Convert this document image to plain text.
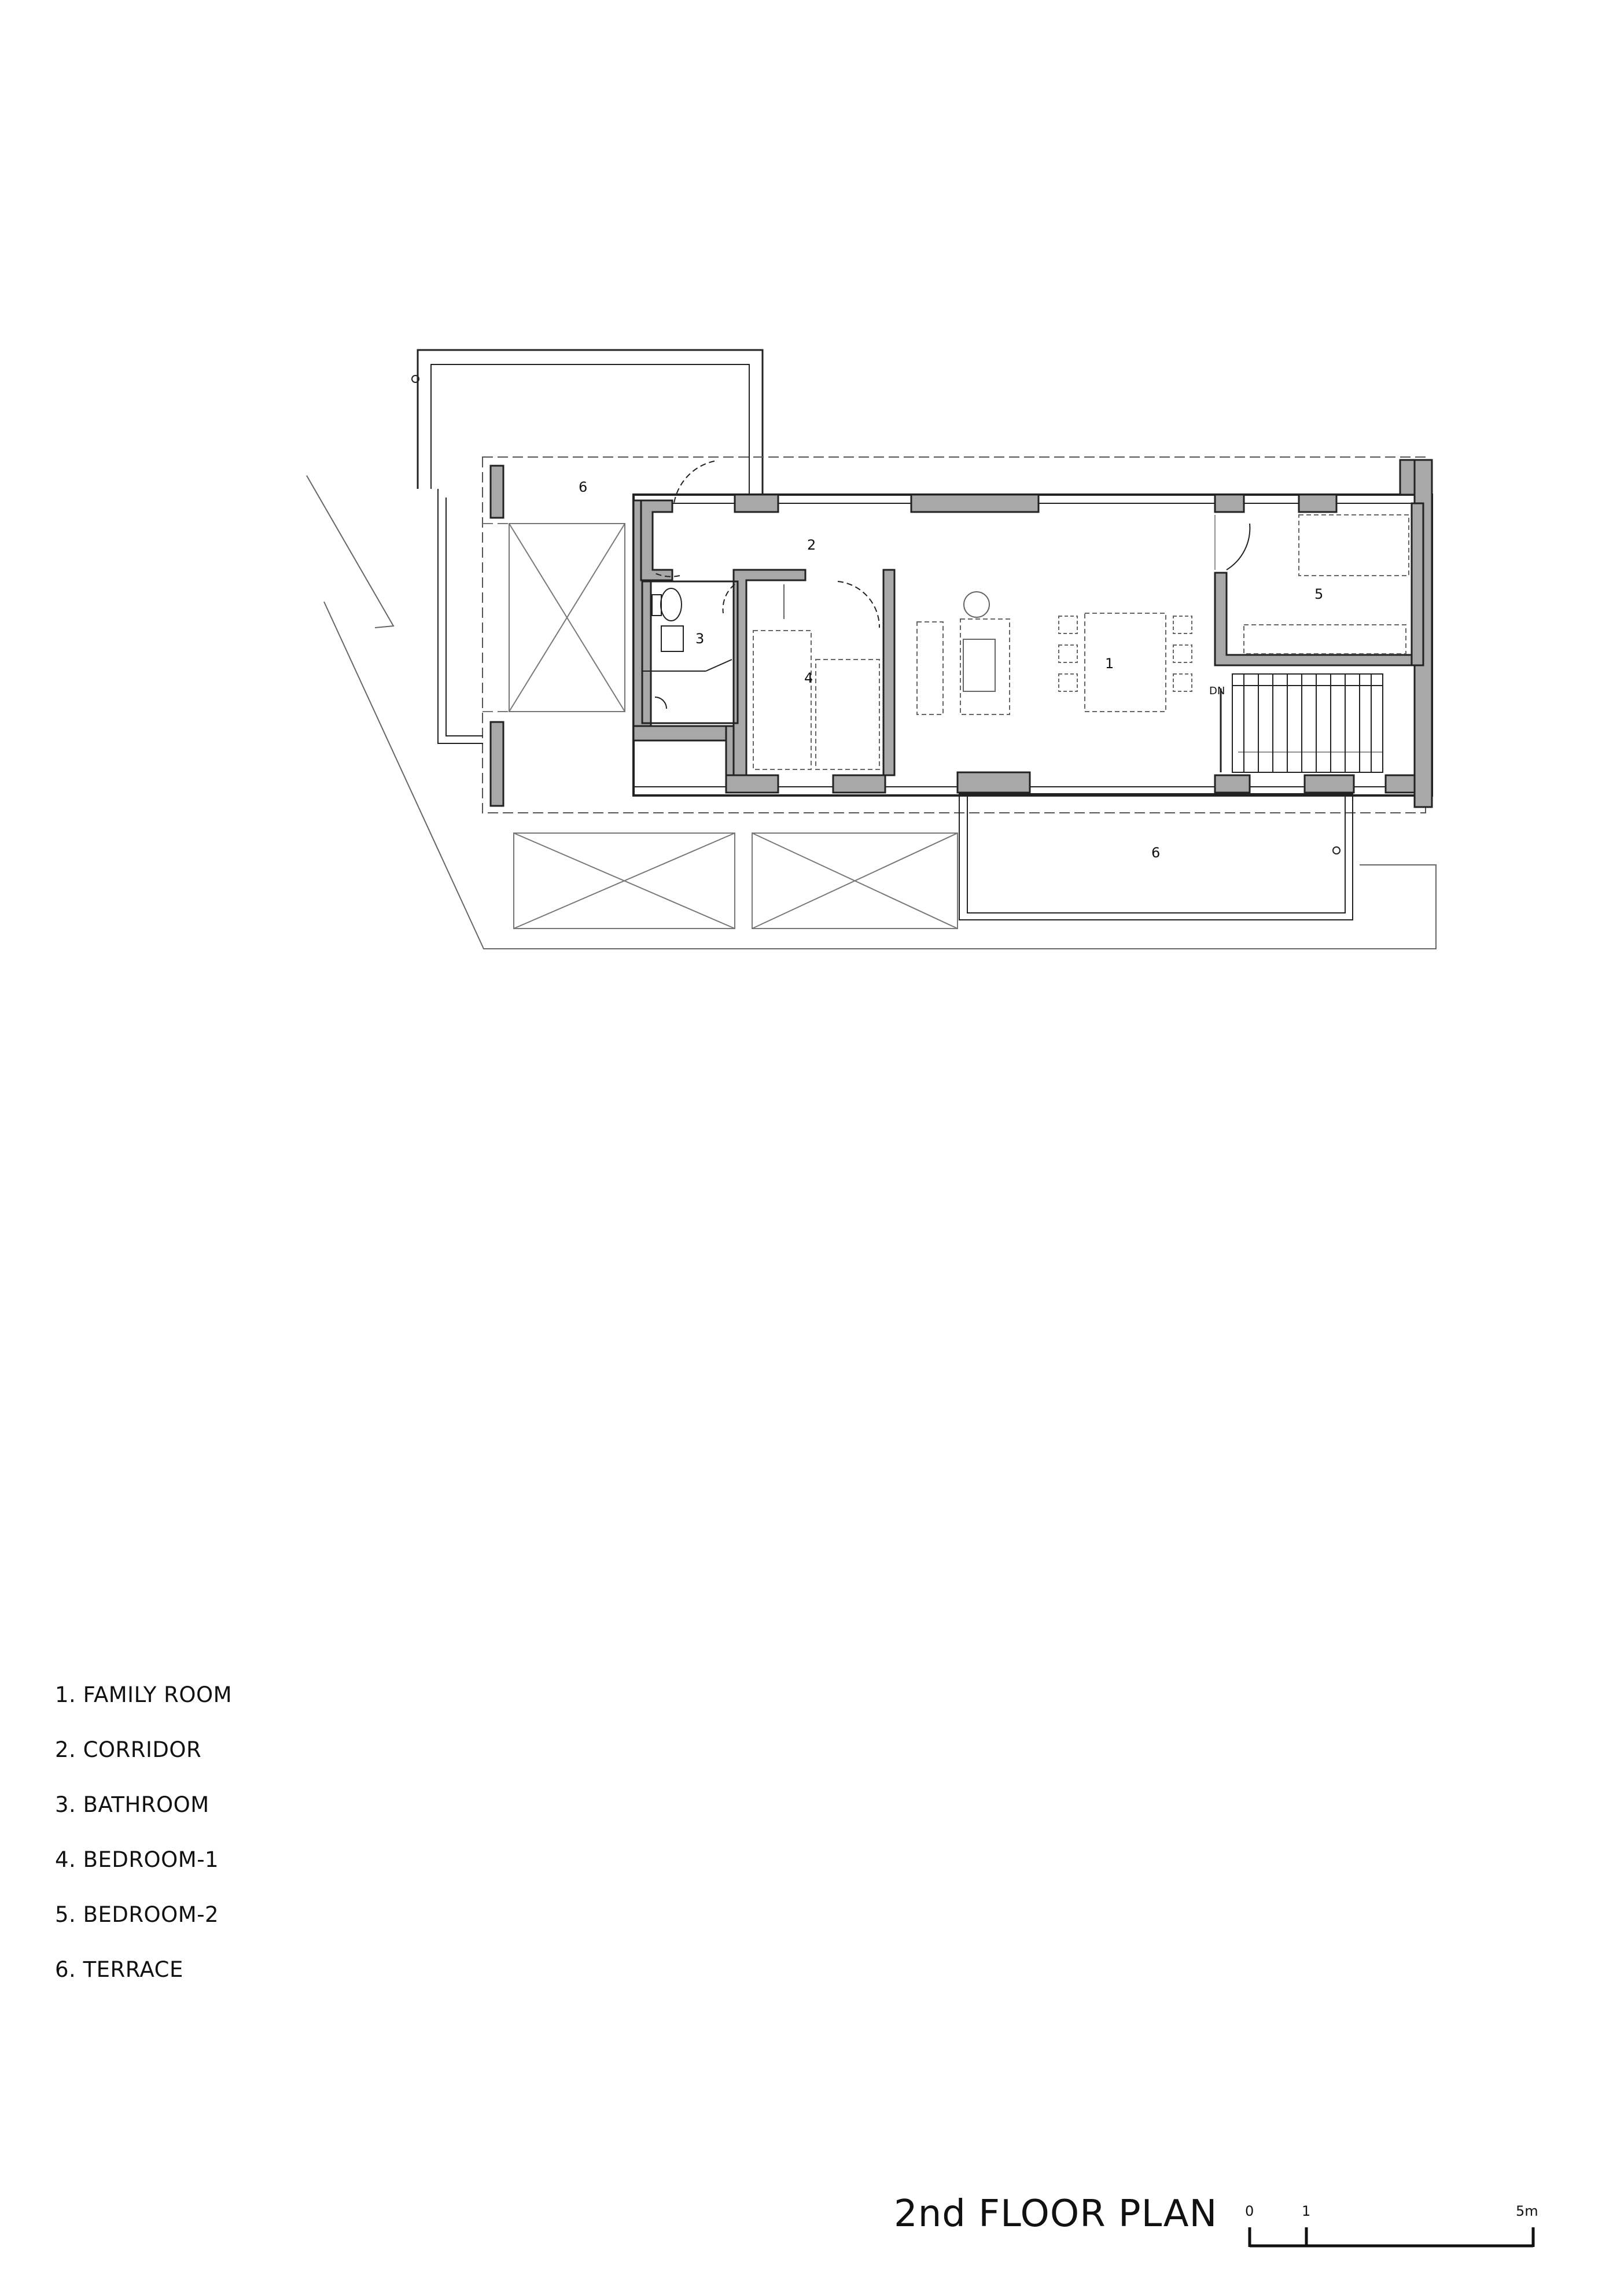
6
2
3
4
1
5
6
DN
1. FAMILY ROOM
2. CORRIDOR
3. BATHROOM
4. BEDROOM-1
5. BEDROOM-2
6. TERRACE
2nd FLOOR PLAN 0	1	5m
